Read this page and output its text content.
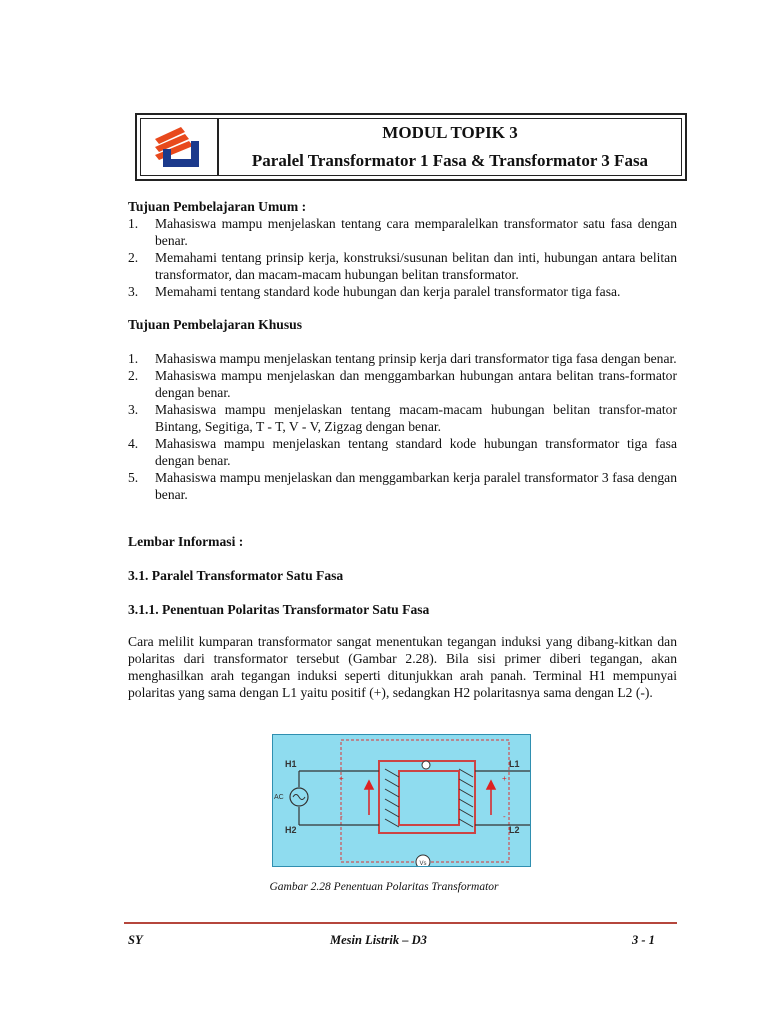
MODUL TOPIK 3
Paralel Transformator 1 Fasa & Transformator 3 Fasa
Tujuan Pembelajaran Umum :
1. Mahasiswa mampu menjelaskan tentang cara memparalelkan transformator satu fasa dengan benar.
2. Memahami tentang prinsip kerja, konstruksi/susunan belitan dan inti, hubungan antara belitan transformator, dan macam-macam hubungan belitan transformator.
3. Memahami tentang standard kode hubungan dan kerja paralel transformator tiga fasa.
Tujuan Pembelajaran Khusus
1. Mahasiswa mampu menjelaskan tentang prinsip kerja dari transformator tiga fasa dengan benar.
2. Mahasiswa mampu menjelaskan dan menggambarkan hubungan antara belitan trans-formator dengan benar.
3. Mahasiswa mampu menjelaskan tentang macam-macam hubungan belitan transfor-mator Bintang, Segitiga, T - T, V - V, Zigzag dengan benar.
4. Mahasiswa mampu menjelaskan tentang standard kode hubungan transformator tiga fasa dengan benar.
5. Mahasiswa mampu menjelaskan dan menggambarkan kerja paralel transformator 3 fasa dengan benar.
Lembar Informasi :
3.1. Paralel Transformator Satu Fasa
3.1.1. Penentuan Polaritas Transformator Satu Fasa

Cara melilit kumparan transformator sangat menentukan tegangan induksi yang dibang-kitkan dan polaritas dari transformator tersebut (Gambar 2.28). Bila sisi primer diberi tegangan, akan menghasilkan arah tegangan induksi seperti ditunjukkan arah panah. Terminal H1 mempunyai polaritas yang sama dengan L1 yaitu positif (+), sedangkan H2 polaritasnya sama dengan L2 (-).

Vs
H1
H2
L1
L2
AC
+
-
+
-
Gambar 2.28 Penentuan Polaritas Transformator
SY	Mesin Listrik – D3	3 - 1
